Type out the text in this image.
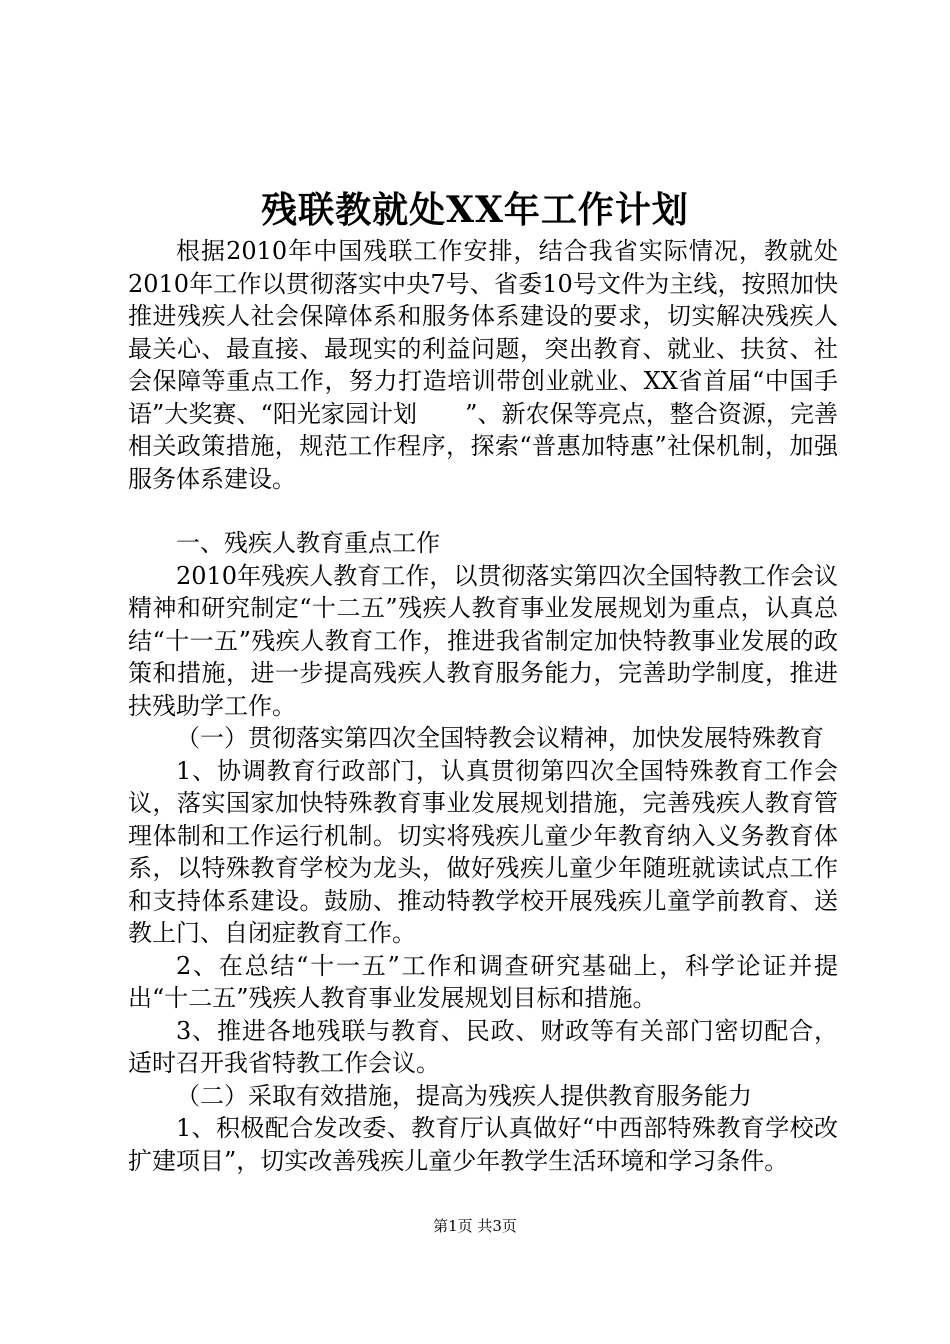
残联教就处XX年工作计划

根据2010年中国残联工作安排，结合我省实际情况，教就处2010年工作以贯彻落实中央7号、省委10号文件为主线，按照加快推进残疾人社会保障体系和服务体系建设的要求，切实解决残疾人最关心、最直接、最现实的利益问题，突出教育、就业、扶贫、社会保障等重点工作，努力打造培训带创业就业、XX省首届“中国手语”大奖赛、“阳光家园计划　　”、新农保等亮点，整合资源，完善相关政策措施，规范工作程序，探索“普惠加特惠”社保机制，加强服务体系建设。

一、残疾人教育重点工作

2010年残疾人教育工作，以贯彻落实第四次全国特教工作会议精神和研究制定“十二五”残疾人教育事业发展规划为重点，认真总结“十一五”残疾人教育工作，推进我省制定加快特教事业发展的政策和措施，进一步提高残疾人教育服务能力，完善助学制度，推进扶残助学工作。

（一）贯彻落实第四次全国特教会议精神，加快发展特殊教育

1、协调教育行政部门，认真贯彻第四次全国特殊教育工作会议，落实国家加快特殊教育事业发展规划措施，完善残疾人教育管理体制和工作运行机制。切实将残疾儿童少年教育纳入义务教育体系，以特殊教育学校为龙头，做好残疾儿童少年随班就读试点工作和支持体系建设。鼓励、推动特教学校开展残疾儿童学前教育、送教上门、自闭症教育工作。

2、在总结“十一五”工作和调查研究基础上，科学论证并提出“十二五”残疾人教育事业发展规划目标和措施。

3、推进各地残联与教育、民政、财政等有关部门密切配合，适时召开我省特教工作会议。

（二）采取有效措施，提高为残疾人提供教育服务能力

1、积极配合发改委、教育厅认真做好“中西部特殊教育学校改扩建项目”，切实改善残疾儿童少年教学生活环境和学习条件。

第1页 共3页
